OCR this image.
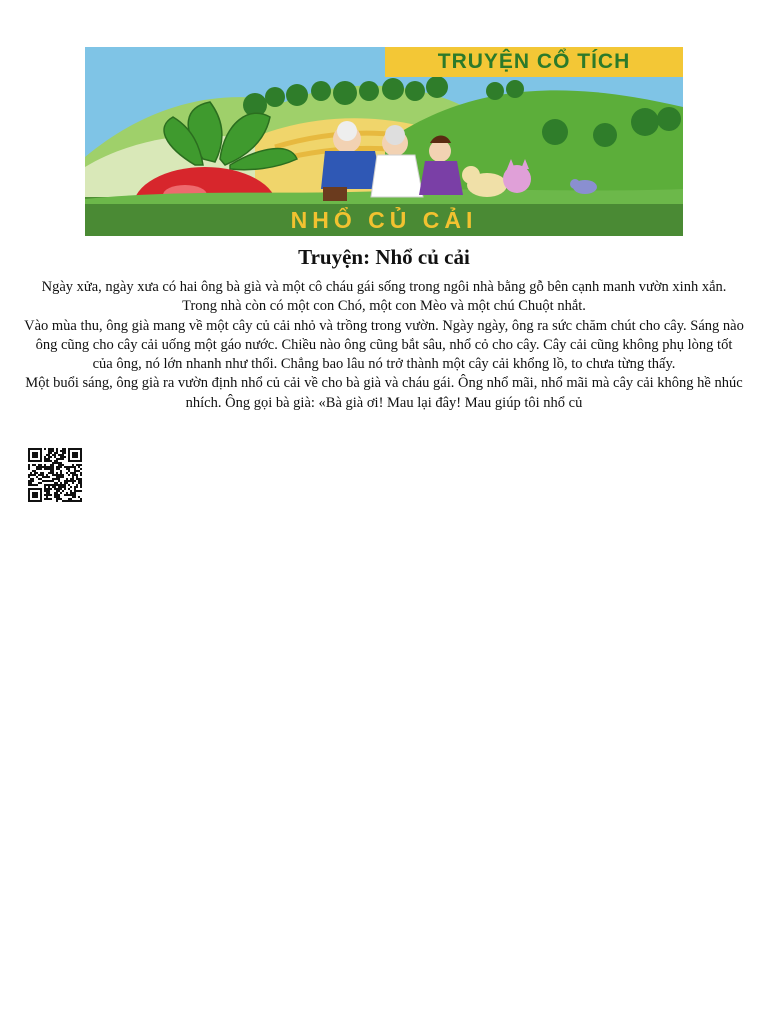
TRUYỆN CỔ TÍCH
NHỔ CỦ CẢI
Truyện: Nhổ củ cải

Ngày xửa, ngày xưa có hai ông bà già và một cô cháu gái sống trong ngôi nhà bằng gỗ bên cạnh manh vườn xinh xắn. Trong nhà còn có một con Chó, một con Mèo và một chú Chuột nhắt.

Vào mùa thu, ông già mang về một cây củ cải nhỏ và trồng trong vườn. Ngày ngày, ông ra sức chăm chút cho cây. Sáng nào ông cũng cho cây cải uống một gáo nước. Chiều nào ông cũng bắt sâu, nhổ cỏ cho cây. Cây cải cũng không phụ lòng tốt của ông, nó lớn nhanh như thổi. Chẳng bao lâu nó trở thành một cây cải khổng lồ, to chưa từng thấy.

Một buổi sáng, ông già ra vườn định nhổ củ cải về cho bà già và cháu gái. Ông nhổ mãi, nhổ mãi mà cây cải không hề nhúc nhích. Ông gọi bà già: «Bà già ơi! Mau lại đây! Mau giúp tôi nhổ củ
